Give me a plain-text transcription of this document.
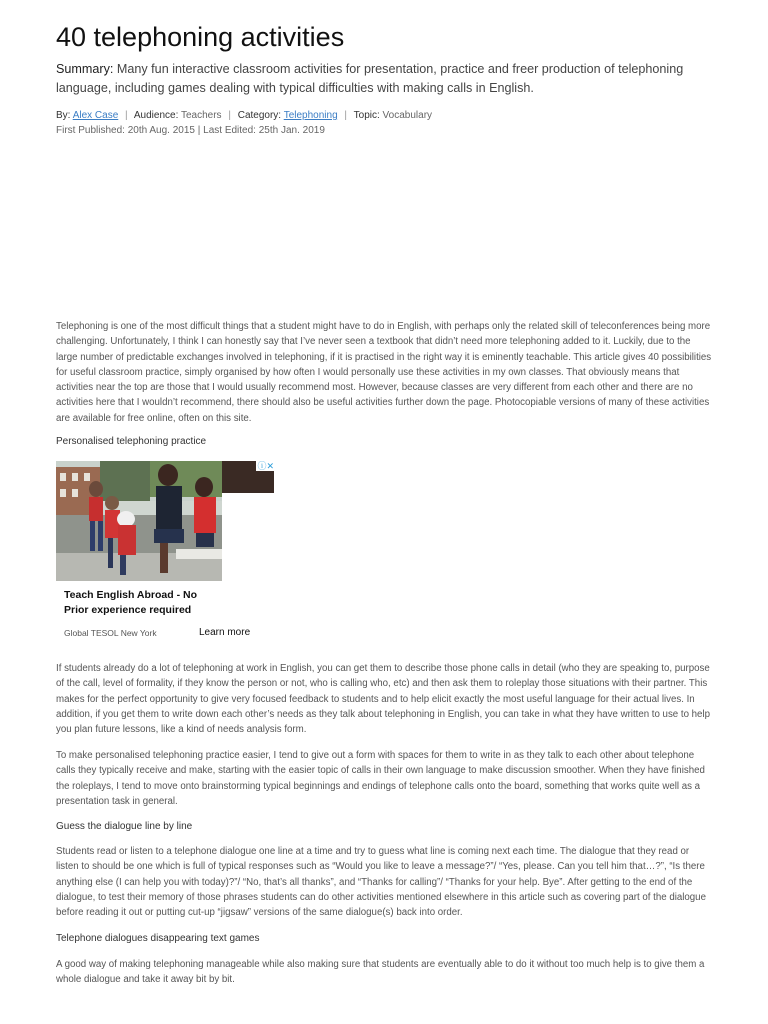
40 telephoning activities
Summary: Many fun interactive classroom activities for presentation, practice and freer production of telephoning language, including games dealing with typical difficulties with making calls in English.
By: Alex Case | Audience: Teachers | Category: Telephoning | Topic: Vocabulary
First Published: 20th Aug. 2015 | Last Edited: 25th Jan. 2019

Telephoning is one of the most difficult things that a student might have to do in English, with perhaps only the related skill of teleconferences being more challenging. Unfortunately, I think I can honestly say that I’ve never seen a textbook that didn’t need more telephoning added to it. Luckily, due to the large number of predictable exchanges involved in telephoning, if it is practised in the right way it is eminently teachable. This article gives 40 possibilities for useful classroom practice, simply organised by how often I would personally use these activities in my own classes. That obviously means that activities near the top are those that I would usually recommend most. However, because classes are very different from each other and there are no activities here that I wouldn’t recommend, there should also be useful activities further down the page. Photocopiable versions of many of these activities are available for free online, often on this site.

Personalised telephoning practice
ⓘ✕
Teach English Abroad - No Prior experience required
Global TESOL New York	Learn more

If students already do a lot of telephoning at work in English, you can get them to describe those phone calls in detail (who they are speaking to, purpose of the call, level of formality, if they know the person or not, who is calling who, etc) and then ask them to roleplay those situations with their partner. This makes for the perfect opportunity to give very focused feedback to students and to help elicit exactly the most useful language for their actual lives. In addition, if you get them to write down each other’s needs as they talk about telephoning in English, you can take in what they have written to use to help you plan future lessons, like a kind of needs analysis form.

To make personalised telephoning practice easier, I tend to give out a form with spaces for them to write in as they talk to each other about telephone calls they typically receive and make, starting with the easier topic of calls in their own language to make discussion smoother. When they have finished the roleplays, I tend to move onto brainstorming typical beginnings and endings of telephone calls onto the board, something that works quite well as a presentation task in general.

Guess the dialogue line by line

Students read or listen to a telephone dialogue one line at a time and try to guess what line is coming next each time. The dialogue that they read or listen to should be one which is full of typical responses such as “Would you like to leave a message?”/ “Yes, please. Can you tell him that…?”, “Is there anything else (I can help you with today)?”/ “No, that’s all thanks”, and “Thanks for calling”/ “Thanks for your help. Bye”. After getting to the end of the dialogue, to test their memory of those phrases students can do other activities mentioned elsewhere in this article such as covering part of the dialogue before reading it out or putting cut-up “jigsaw” versions of the same dialogue(s) back into order.

Telephone dialogues disappearing text games

A good way of making telephoning manageable while also making sure that students are eventually able to do it without too much help is to give them a whole dialogue and take it away bit by bit.
